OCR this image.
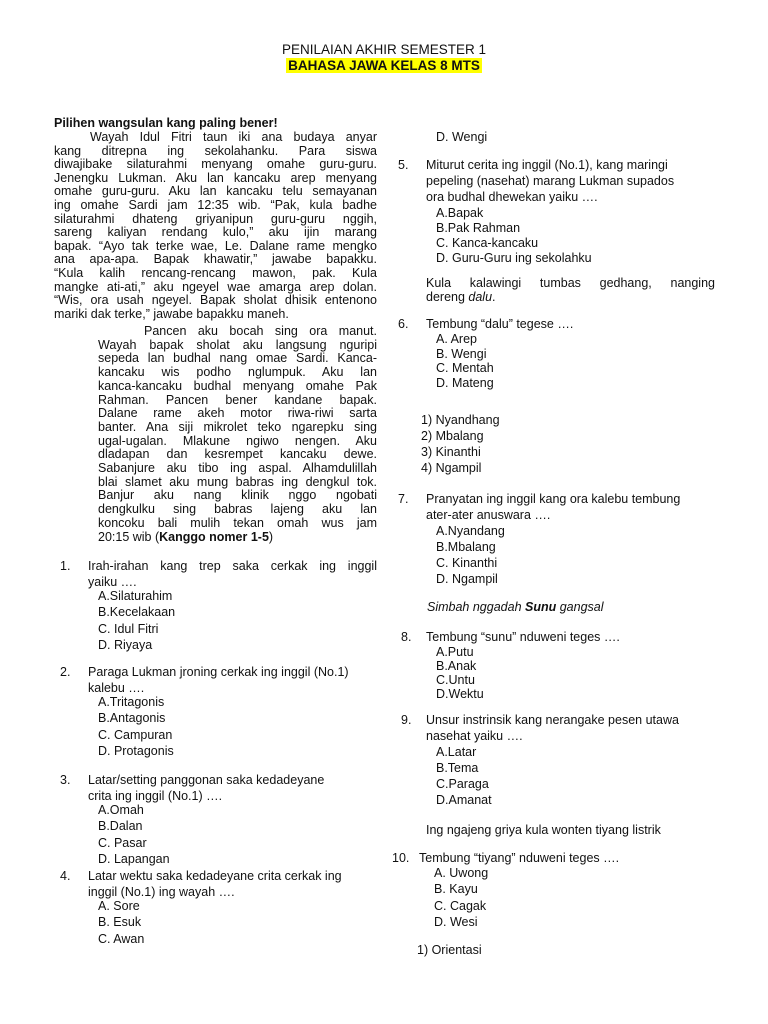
PENILAIAN AKHIR SEMESTER 1
BAHASA JAWA KELAS 8 MTS
Pilihen wangsulan kang paling bener!
Wayah Idul Fitri taun iki ana budaya anyar
kang ditrepna ing sekolahanku. Para siswa
diwajibake silaturahmi menyang omahe guru-guru.
Jenengku Lukman. Aku lan kancaku arep menyang
omahe guru-guru. Aku lan kancaku telu semayanan
ing omahe Sardi jam 12:35 wib. “Pak, kula badhe
silaturahmi dhateng griyanipun guru-guru nggih,
sareng kaliyan rendang kulo,” aku ijin marang
bapak. “Ayo tak terke wae, Le. Dalane rame mengko
ana apa-apa. Bapak khawatir,” jawabe bapakku.
“Kula kalih rencang-rencang mawon, pak. Kula
mangke ati-ati,” aku ngeyel wae amarga arep dolan.
“Wis, ora usah ngeyel. Bapak sholat dhisik entenono
mariki dak terke,” jawabe bapakku maneh.
Pancen aku bocah sing ora manut.
Wayah bapak sholat aku langsung nguripi
sepeda lan budhal nang omae Sardi. Kanca-
kancaku wis podho nglumpuk. Aku lan
kanca-kancaku budhal menyang omahe Pak
Rahman. Pancen bener kandane bapak.
Dalane rame akeh motor riwa-riwi sarta
banter. Ana siji mikrolet teko ngarepku sing
ugal-ugalan. Mlakune ngiwo nengen. Aku
dladapan dan kesrempet kancaku dewe.
Sabanjure aku tibo ing aspal. Alhamdulillah
blai slamet aku mung babras ing dengkul tok.
Banjur aku nang klinik nggo ngobati
dengkulku sing babras lajeng aku lan
koncoku bali mulih tekan omah wus jam
20:15 wib (Kanggo nomer 1-5)
1. Irah-irahan kang trep saka cerkak ing inggil
yaiku ….
A.Silaturahim
B.Kecelakaan
C. Idul Fitri
D. Riyaya
2. Paraga Lukman jroning cerkak ing inggil (No.1)
kalebu ….
A.Tritagonis
B.Antagonis
C. Campuran
D. Protagonis
3. Latar/setting panggonan saka kedadeyane
crita ing inggil (No.1) ….
A.Omah
B.Dalan
C. Pasar
D. Lapangan
4. Latar wektu saka kedadeyane crita cerkak ing
inggil (No.1) ing wayah ….
A. Sore
B. Esuk
C. Awan
D. Wengi
5. Miturut cerita ing inggil (No.1), kang maringi
pepeling (nasehat) marang Lukman supados
ora budhal dhewekan yaiku ….
A.Bapak
B.Pak Rahman
C. Kanca-kancaku
D. Guru-Guru ing sekolahku
6. Tembung “dalu” tegese ….
A. Arep
B. Wengi
C. Mentah
D. Mateng
1) Nyandhang
2) Mbalang
3) Kinanthi
4) Ngampil
7. Pranyatan ing inggil kang ora kalebu tembung
ater-ater anuswara ….
A.Nyandang
B.Mbalang
C. Kinanthi
D. Ngampil
8. Tembung “sunu” nduweni teges ….
A.Putu
B.Anak
C.Untu
D.Wektu
9. Unsur instrinsik kang nerangake pesen utawa
nasehat yaiku ….
A.Latar
B.Tema
C.Paraga
D.Amanat
10. Tembung “tiyang” nduweni teges ….
A. Uwong
B. Kayu
C. Cagak
D. Wesi
Kula kalawingi tumbas gedhang, nanging
dereng dalu.
Simbah nggadah Sunu gangsal
Ing ngajeng griya kula wonten tiyang listrik
1) Orientasi
